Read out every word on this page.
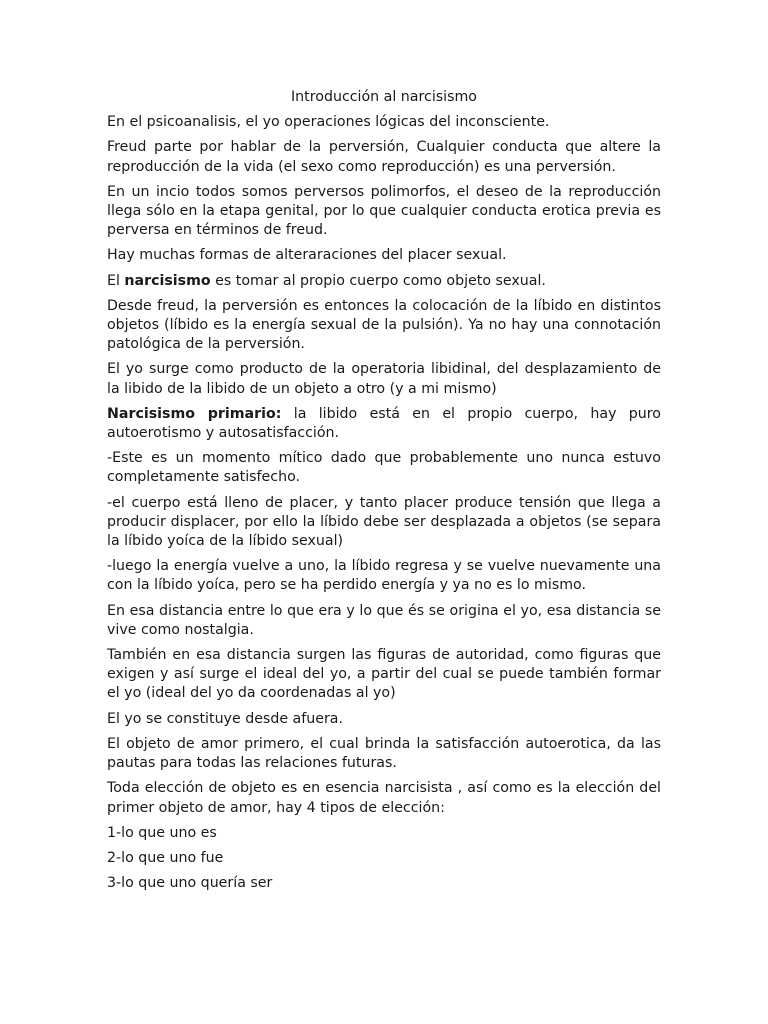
Introducción al narcisismo

En el psicoanalisis, el yo operaciones lógicas del inconsciente.

Freud parte por hablar de la perversión, Cualquier conducta que altere la reproducción de la vida (el sexo como reproducción) es una perversión.

En un incio todos somos perversos polimorfos, el deseo de la reproducción llega sólo en la etapa genital, por lo que cualquier conducta erotica previa es perversa en términos de freud.

Hay muchas formas de alteraraciones del placer sexual.

El narcisismo es tomar al propio cuerpo como objeto sexual.

Desde freud, la perversión es entonces la colocación de la líbido en distintos objetos (líbido es la energía sexual de la pulsión). Ya no hay una connotación patológica de la perversión.

El yo surge como producto de la operatoria libidinal, del desplazamiento de la libido de la libido de un objeto a otro (y a mi mismo)

Narcisismo primario: la libido está en el propio cuerpo, hay puro autoerotismo y autosatisfacción.

-Este es un momento mítico dado que probablemente uno nunca estuvo completamente satisfecho.

-el cuerpo está lleno de placer, y tanto placer produce tensión que llega a producir displacer, por ello la líbido debe ser desplazada a objetos (se separa la líbido yoíca de la líbido sexual)

-luego la energía vuelve a uno, la líbido regresa y se vuelve nuevamente una con la líbido yoíca, pero se ha perdido energía y ya no es lo mismo.

En esa distancia entre lo que era y lo que és se origina el yo, esa distancia se vive como nostalgia.

También en esa distancia surgen las figuras de autoridad, como figuras que exigen y así surge el ideal del yo, a partir del cual se puede también formar el yo (ideal del yo da coordenadas al yo)

El yo se constituye desde afuera.

El objeto de amor primero, el cual brinda la satisfacción autoerotica, da las pautas para todas las relaciones futuras.

Toda elección de objeto es en esencia narcisista , así como es la elección del primer objeto de amor, hay 4 tipos de elección:

1-lo que uno es

2-lo que uno fue

3-lo que uno quería ser
